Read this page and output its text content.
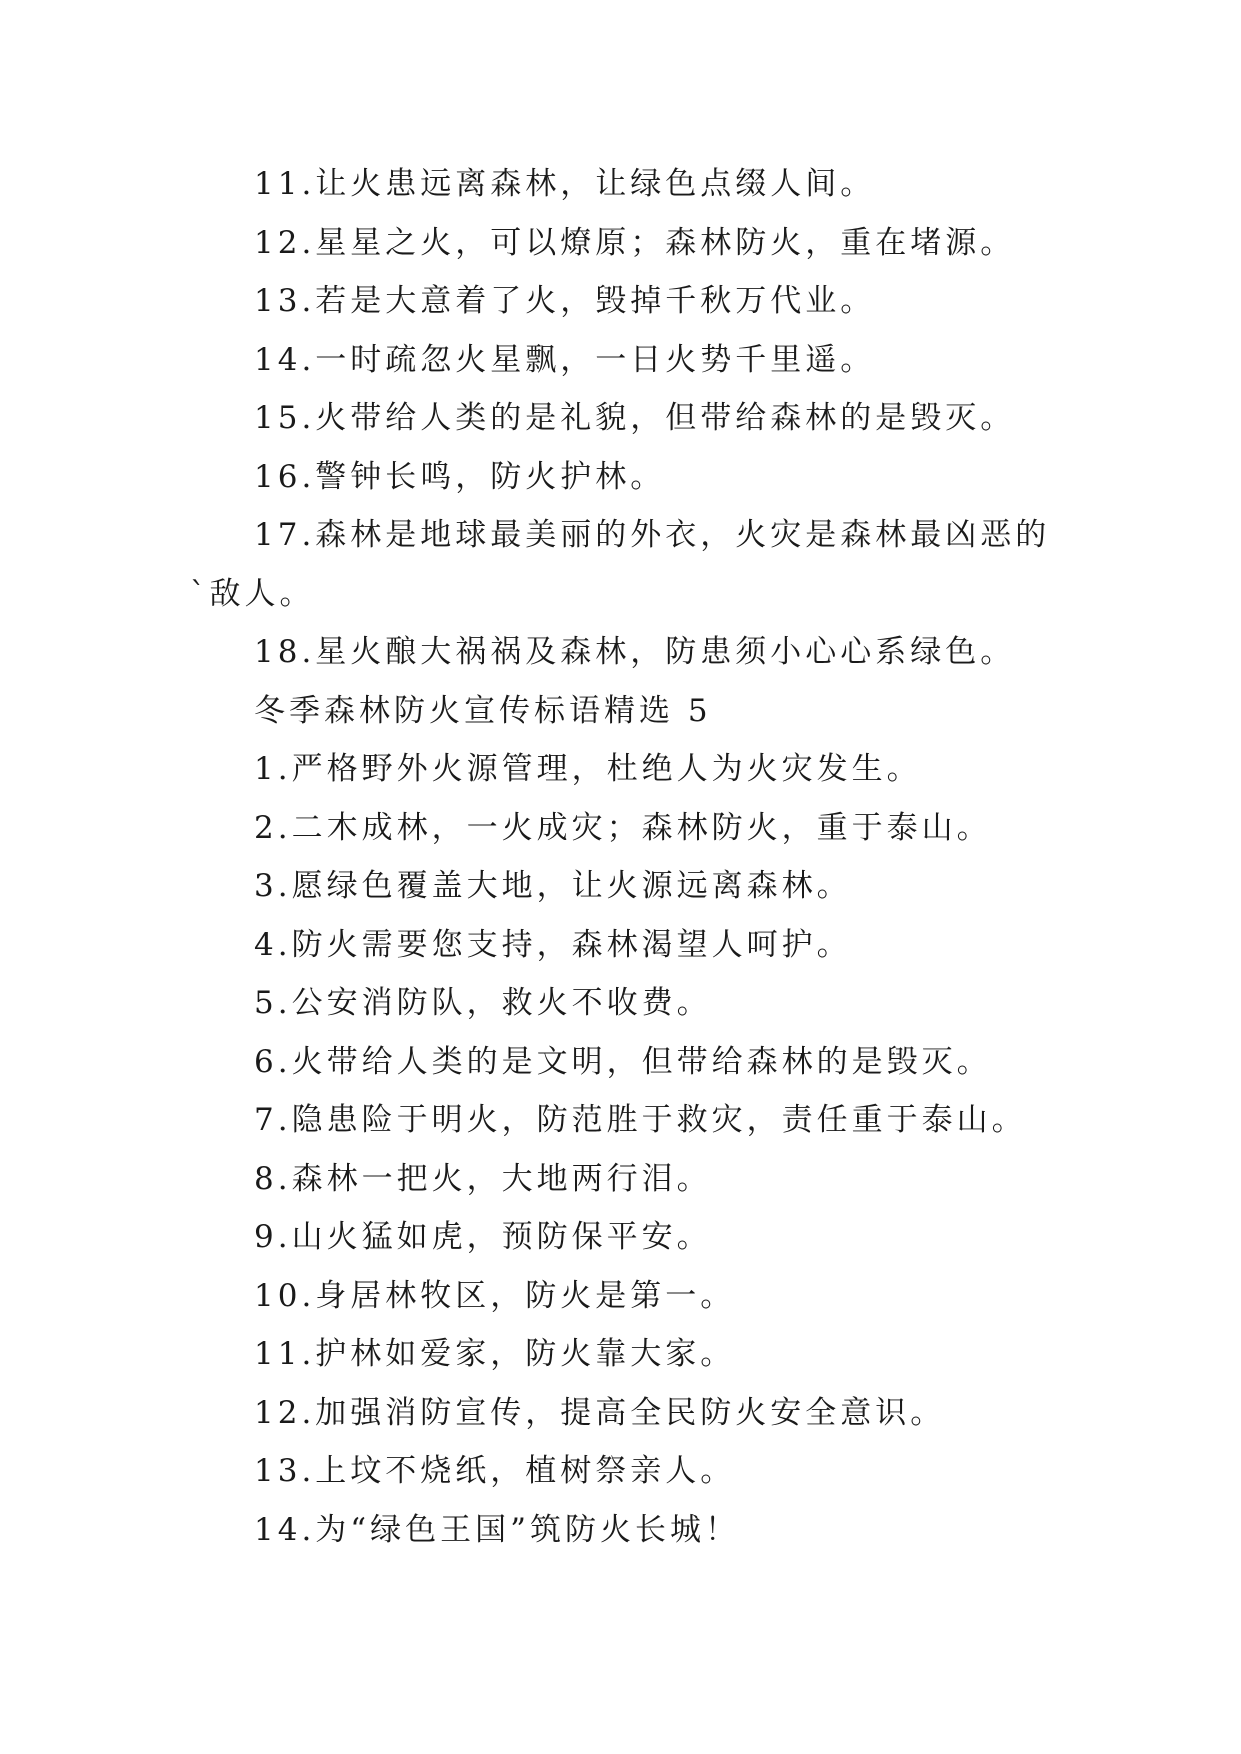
11.让火患远离森林，让绿色点缀人间。

12.星星之火，可以燎原；森林防火，重在堵源。

13.若是大意着了火，毁掉千秋万代业。

14.一时疏忽火星飘，一日火势千里遥。

15.火带给人类的是礼貌，但带给森林的是毁灭。

16.警钟长鸣，防火护林。

17.森林是地球最美丽的外衣，火灾是森林最凶恶的`敌人。

18.星火酿大祸祸及森林，防患须小心心系绿色。

冬季森林防火宣传标语精选 5

1.严格野外火源管理，杜绝人为火灾发生。

2.二木成林，一火成灾；森林防火，重于泰山。

3.愿绿色覆盖大地，让火源远离森林。

4.防火需要您支持，森林渴望人呵护。

5.公安消防队，救火不收费。

6.火带给人类的是文明，但带给森林的是毁灭。

7.隐患险于明火，防范胜于救灾，责任重于泰山。

8.森林一把火，大地两行泪。

9.山火猛如虎，预防保平安。

10.身居林牧区，防火是第一。

11.护林如爱家，防火靠大家。

12.加强消防宣传，提高全民防火安全意识。

13.上坟不烧纸，植树祭亲人。

14.为“绿色王国”筑防火长城！
